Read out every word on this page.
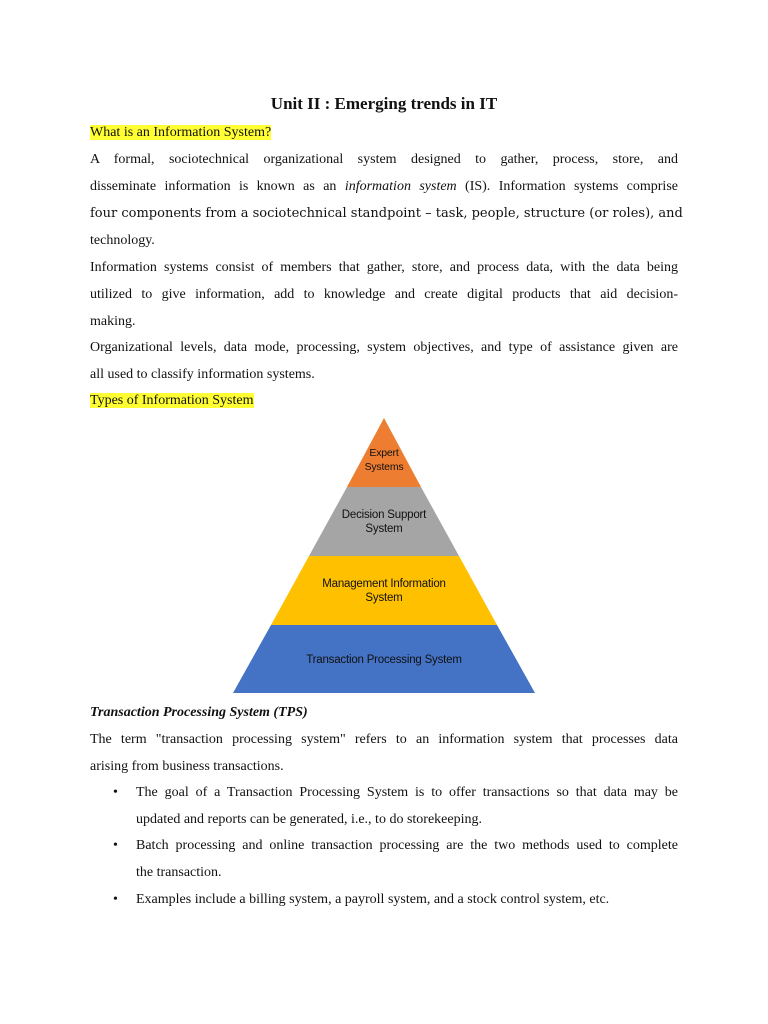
Unit II : Emerging trends in IT
What is an Information System?
A formal, sociotechnical organizational system designed to gather, process, store, and
disseminate information is known as an information system (IS). Information systems comprise
four components from a sociotechnical standpoint – task, people, structure (or roles), and
technology.
Information systems consist of members that gather, store, and process data, with the data being
utilized to give information, add to knowledge and create digital products that aid decision-
making.
Organizational levels, data mode, processing, system objectives, and type of assistance given are
all used to classify information systems.
Types of Information System
Expert
Systems
Decision Support
System
Management Information
System
Transaction Processing System
Transaction Processing System (TPS)
The term "transaction processing system" refers to an information system that processes data
arising from business transactions.
• The goal of a Transaction Processing System is to offer transactions so that data may be
updated and reports can be generated, i.e., to do storekeeping.
• Batch processing and online transaction processing are the two methods used to complete
the transaction.
• Examples include a billing system, a payroll system, and a stock control system, etc.
